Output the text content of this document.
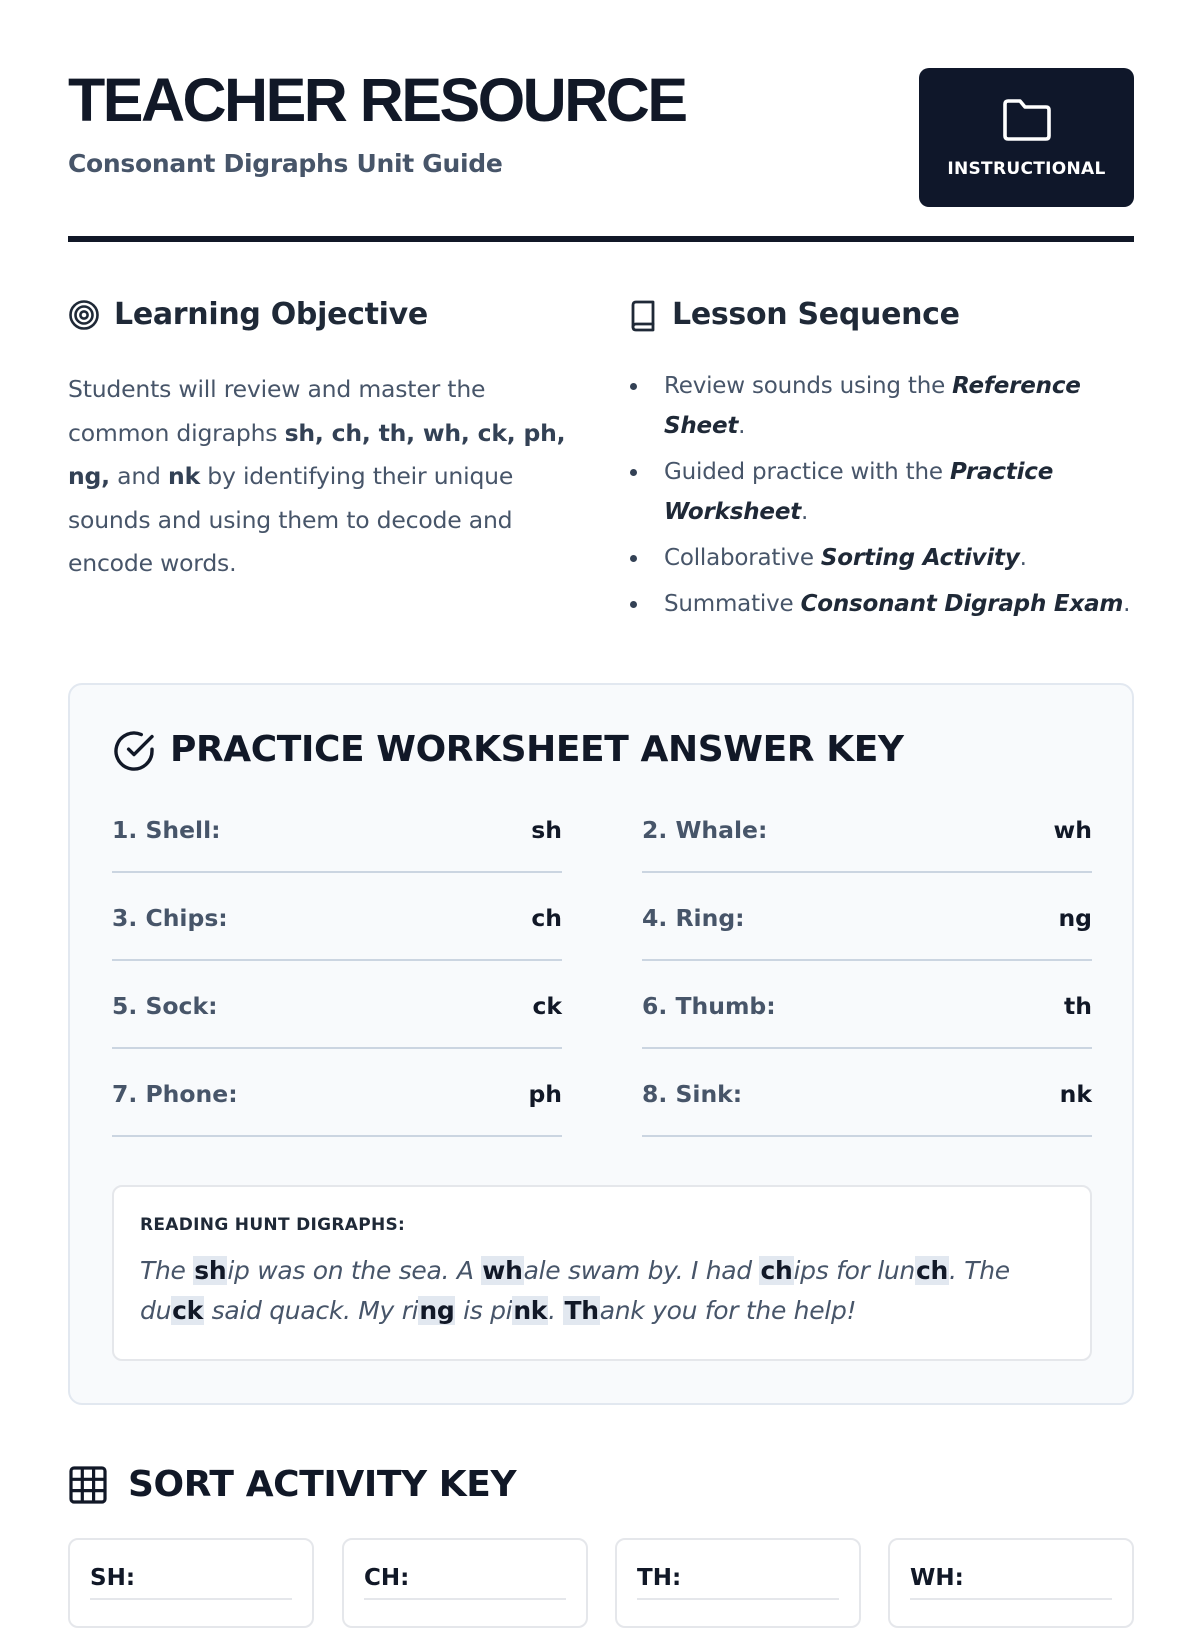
TEACHER RESOURCE

Consonant Digraphs Unit Guide	INSTRUCTIONAL
Learning Objective

Students will review and master the common digraphs sh, ch, th, wh, ck, ph, ng, and nk by identifying their unique sounds and using them to decode and encode words.

Lesson Sequence
Review sounds using the Reference Sheet.
Guided practice with the Practice Worksheet.
Collaborative Sorting Activity.
Summative Consonant Digraph Exam.
PRACTICE WORKSHEET ANSWER KEY
1. Shell:	sh	2. Whale:	wh
3. Chips:	ch	4. Ring:	ng
5. Sock:	ck	6. Thumb:	th
7. Phone:	ph	8. Sink:	nk

READING HUNT DIGRAPHS:

The ship was on the sea. A whale swam by. I had chips for lunch. The duck said quack. My ring is pink. Thank you for the help!

SORT ACTIVITY KEY
SH:	CH:	TH:	WH:
